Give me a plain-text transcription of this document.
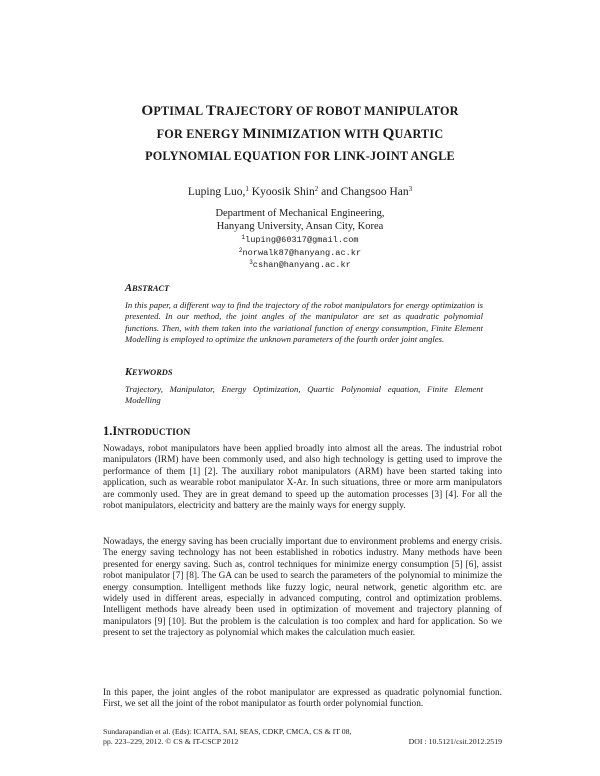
OPTIMAL TRAJECTORY OF ROBOT MANIPULATOR
FOR ENERGY MINIMIZATION WITH QUARTIC
POLYNOMIAL EQUATION FOR LINK-JOINT ANGLE

Luping Luo,$^1$ Kyoosik Shin$^2$ and Changsoo Han$^3$

Department of Mechanical Engineering,
Hanyang University, Ansan City, Korea
$^1$luping@60317@gmail.com
$^2$norwalk87@hanyang.ac.kr
$^3$cshan@hanyang.ac.kr
ABSTRACT

In this paper, a different way to find the trajectory of the robot manipulators for energy optimization is presented. In our method, the joint angles of the manipulator are set as quadratic polynomial functions. Then, with them taken into the variational function of energy consumption, Finite Element Modelling is employed to optimize the unknown parameters of the fourth order joint angles.

KEYWORDS

Trajectory, Manipulator, Energy Optimization, Quartic Polynomial equation, Finite Element Modelling

1.INTRODUCTION

Nowadays, robot manipulators have been applied broadly into almost all the areas. The industrial robot manipulators (IRM) have been commonly used, and also high technology is getting used to improve the performance of them [1] [2]. The auxiliary robot manipulators (ARM) have been started taking into application, such as wearable robot manipulator X-Ar. In such situations, three or more arm manipulators are commonly used. They are in great demand to speed up the automation processes [3] [4]. For all the robot manipulators, electricity and battery are the mainly ways for energy supply.

Nowadays, the energy saving has been crucially important due to environment problems and energy crisis. The energy saving technology has not been established in robotics industry. Many methods have been presented for energy saving. Such as, control techniques for minimize energy consumption [5] [6], assist robot manipulator [7] [8]. The GA can be used to search the parameters of the polynomial to minimize the energy consumption. Intelligent methods like fuzzy logic, neural network, genetic algorithm etc. are widely used in different areas, especially in advanced computing, control and optimization problems. Intelligent methods have already been used in optimization of movement and trajectory planning of manipulators [9] [10]. But the problem is the calculation is too complex and hard for application. So we present to set the trajectory as polynomial which makes the calculation much easier.

In this paper, the joint angles of the robot manipulator are expressed as quadratic polynomial function. First, we set all the joint of the robot manipulator as fourth order polynomial function.

Sundarapandian et al. (Eds): ICAITA, SAI, SEAS, CDKP, CMCA, CS & IT 08,
pp. 223–229, 2012. © CS & IT-CSCP 2012	DOI : 10.5121/csit.2012.2519
